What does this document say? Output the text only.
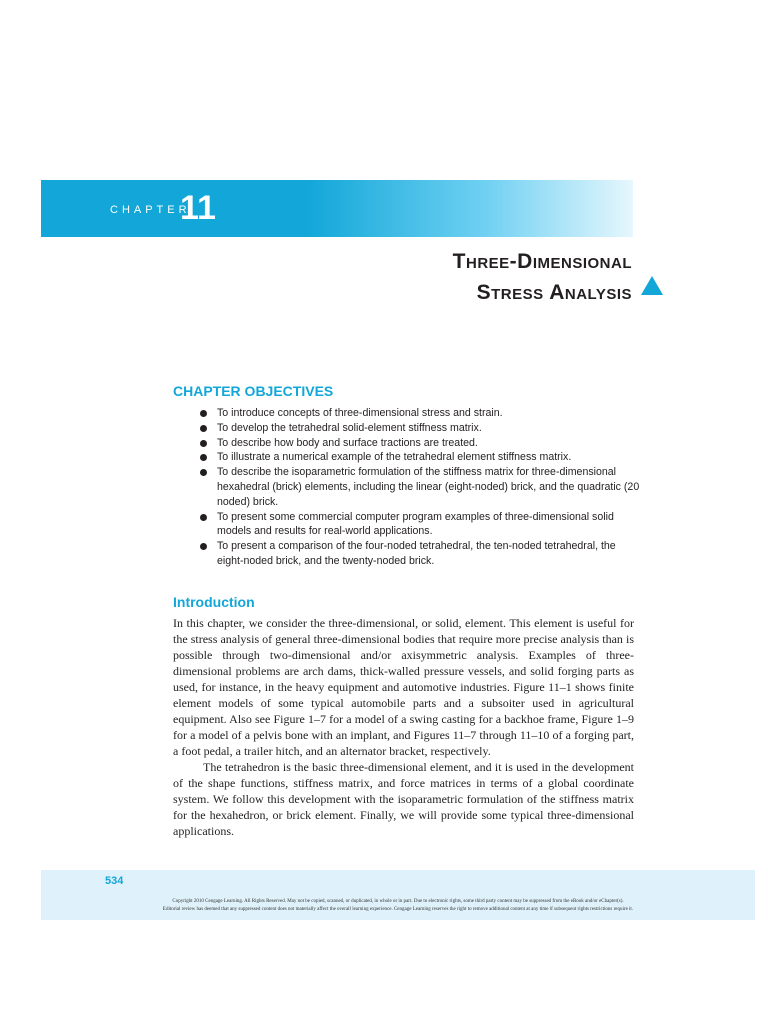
CHAPTER
11
Three-Dimensional
Stress Analysis
CHAPTER OBJECTIVES
To introduce concepts of three-dimensional stress and strain.
To develop the tetrahedral solid-element stiffness matrix.
To describe how body and surface tractions are treated.
To illustrate a numerical example of the tetrahedral element stiffness matrix.
To describe the isoparametric formulation of the stiffness matrix for three-dimensional hexahedral (brick) elements, including the linear (eight-noded) brick, and the quadratic (20 noded) brick.
To present some commercial computer program examples of three-dimensional solid models and results for real-world applications.
To present a comparison of the four-noded tetrahedral, the ten-noded tetrahedral, the eight-noded brick, and the twenty-noded brick.
Introduction

In this chapter, we consider the three-dimensional, or solid, element. This element is useful for the stress analysis of general three-dimensional bodies that require more precise analysis than is possible through two-dimensional and/or axisymmetric analysis. Examples of three-dimensional problems are arch dams, thick-walled pressure vessels, and solid forging parts as used, for instance, in the heavy equipment and automotive industries. Figure 11–1 shows finite element models of some typical automobile parts and a subsoiter used in agricultural equipment. Also see Figure 1–7 for a model of a swing casting for a backhoe frame, Figure 1–9 for a model of a pelvis bone with an implant, and Figures 11–7 through 11–10 of a forging part, a foot pedal, a trailer hitch, and an alternator bracket, respectively.

The tetrahedron is the basic three-dimensional element, and it is used in the development of the shape functions, stiffness matrix, and force matrices in terms of a global coordinate system. We follow this development with the isoparametric formulation of the stiffness matrix for the hexahedron, or brick element. Finally, we will provide some typical three-dimensional applications.

534
Copyright 2010 Cengage Learning. All Rights Reserved. May not be copied, scanned, or duplicated, in whole or in part. Due to electronic rights, some third party content may be suppressed from the eBook and/or eChapter(s).
Editorial review has deemed that any suppressed content does not materially affect the overall learning experience. Cengage Learning reserves the right to remove additional content at any time if subsequent rights restrictions require it.
